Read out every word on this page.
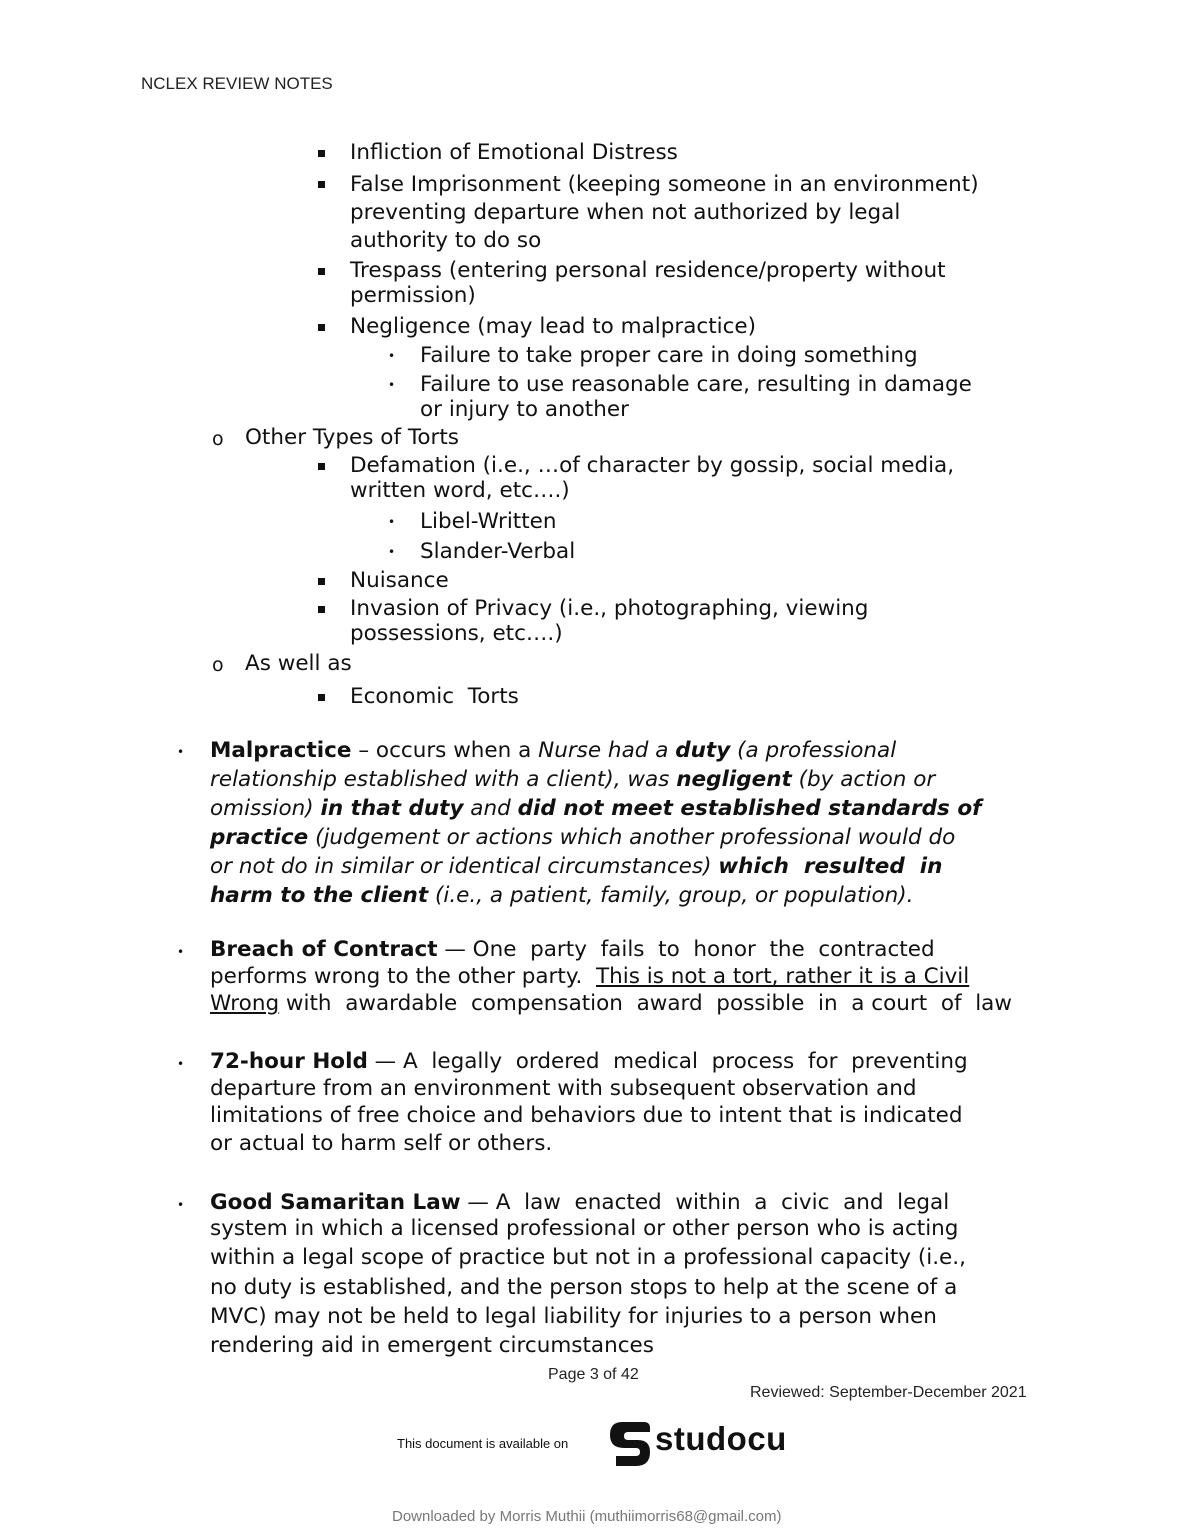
NCLEX REVIEW NOTES
Infliction of Emotional Distress
False Imprisonment (keeping someone in an environment)
preventing departure when not authorized by legal
authority to do so
Trespass (entering personal residence/property without
permission)
Negligence (may lead to malpractice)
• Failure to take proper care in doing something
• Failure to use reasonable care, resulting in damage
or injury to another
o Other Types of Torts
Defamation (i.e., …of character by gossip, social media,
written word, etc….)
• Libel-Written
• Slander-Verbal
Nuisance
Invasion of Privacy (i.e., photographing, viewing
possessions, etc….)
o As well as
Economic  Torts
• Malpractice – occurs when a Nurse had a duty (a professional
relationship established with a client), was negligent (by action or
omission) in that duty and did not meet established standards of
practice (judgement or actions which another professional would do
or not do in similar or identical circumstances) which  resulted  in
harm to the client (i.e., a patient, family, group, or population).
• Breach of Contract — One  party  fails  to  honor  the  contracted
performs wrong to the other party.  This is not a tort, rather it is a Civil
Wrong with  awardable  compensation  award  possible  in  a court  of  law
• 72-hour Hold — A  legally  ordered  medical  process  for  preventing
departure from an environment with subsequent observation and
limitations of free choice and behaviors due to intent that is indicated
or actual to harm self or others.
• Good Samaritan Law — A  law  enacted  within  a  civic  and  legal
system in which a licensed professional or other person who is acting
within a legal scope of practice but not in a professional capacity (i.e.,
no duty is established, and the person stops to help at the scene of a
MVC) may not be held to legal liability for injuries to a person when
rendering aid in emergent circumstances
Page 3 of 42
Reviewed: September-December 2021
This document is available on	studocu
Downloaded by Morris Muthii (muthiimorris68@gmail.com)
